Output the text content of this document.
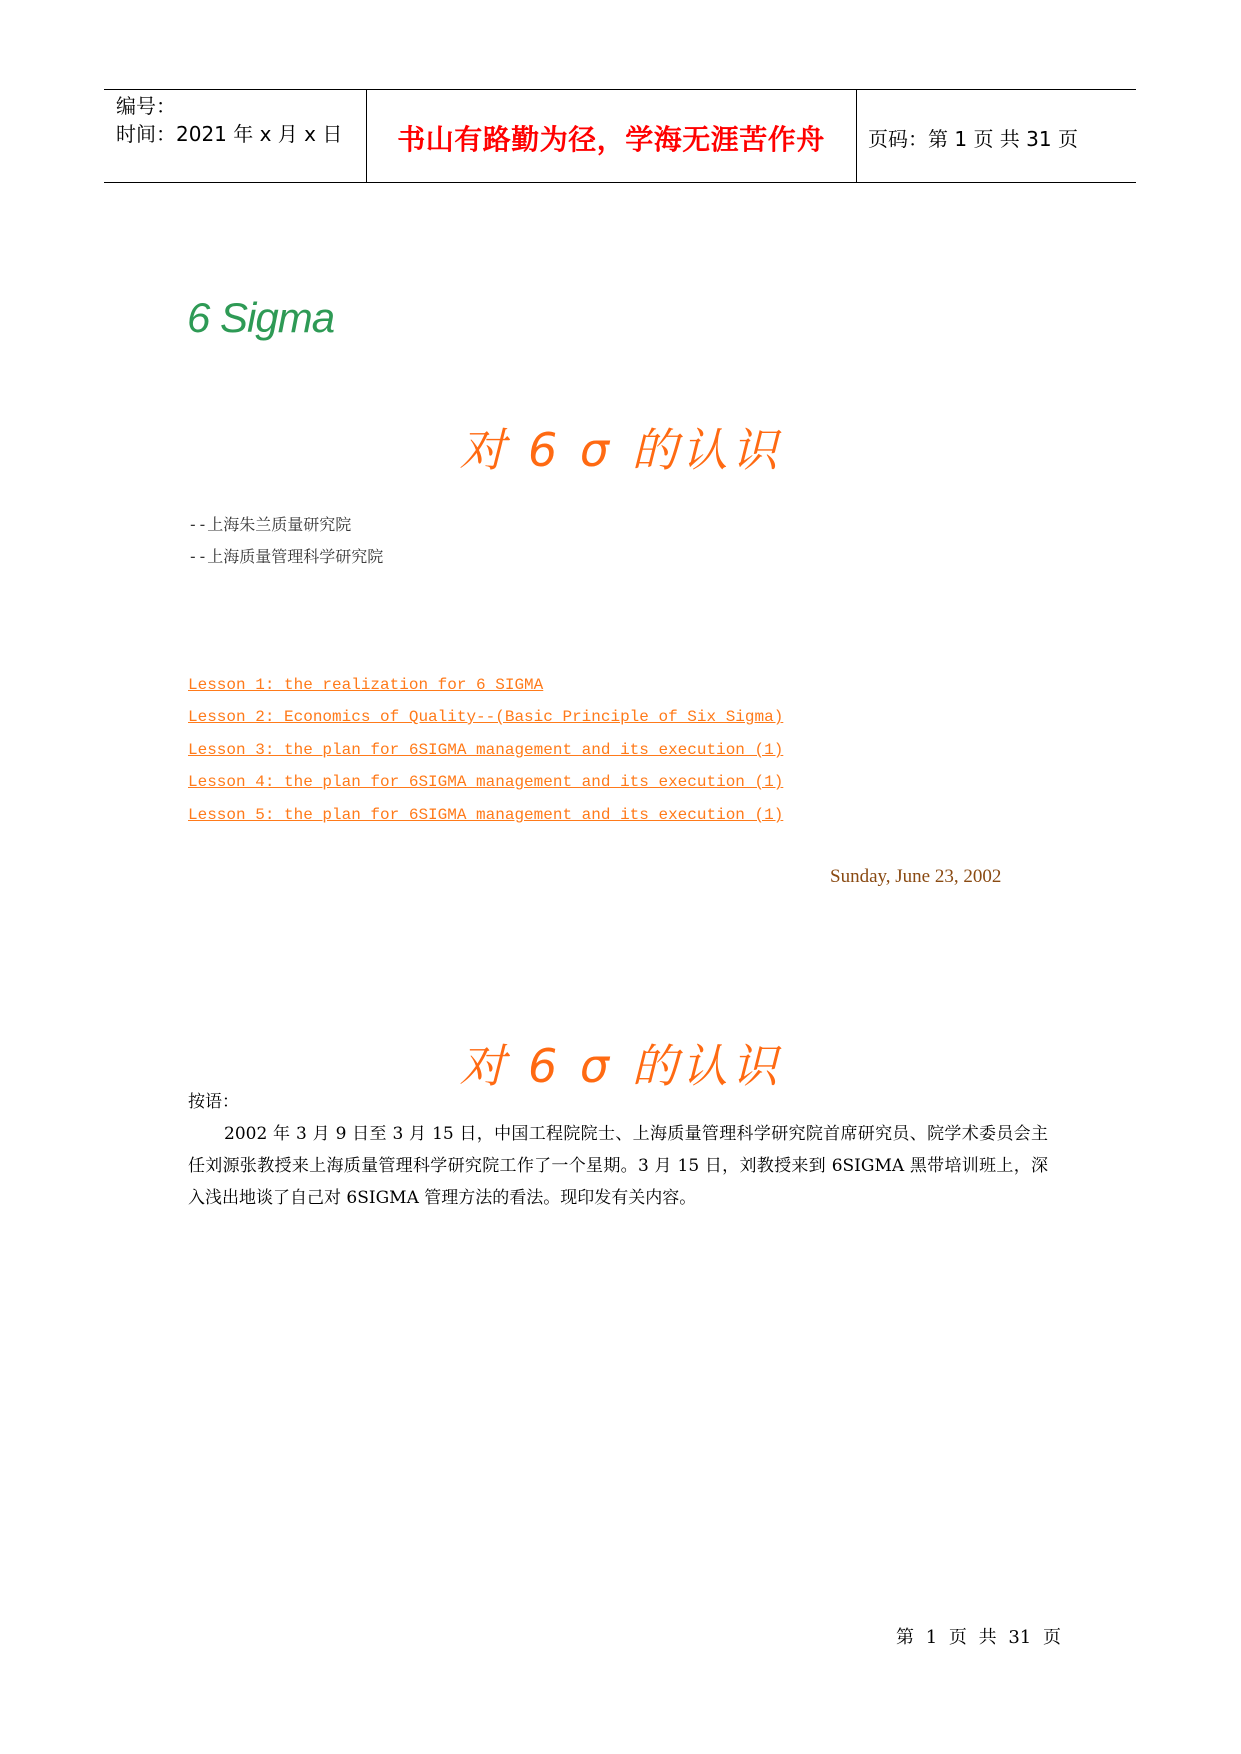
编号：
时间：2021 年 x 月 x 日	书山有路勤为径，学海无涯苦作舟	页码：第 1 页 共 31 页
6 Sigma
对 6 σ 的认识
--上海朱兰质量研究院
--上海质量管理科学研究院
Lesson 1: the realization for 6 SIGMA
Lesson 2: Economics of Quality--(Basic Principle of Six Sigma)
Lesson 3: the plan for 6SIGMA management and its execution (1)
Lesson 4: the plan for 6SIGMA management and its execution (1)
Lesson 5: the plan for 6SIGMA management and its execution (1)
Sunday, June 23, 2002
对 6 σ 的认识
按语：
2002 年 3 月 9 日至 3 月 15 日，中国工程院院士、上海质量管理科学研究院首席研究员、院学术委员会主任刘源张教授来上海质量管理科学研究院工作了一个星期。3 月 15 日，刘教授来到 6SIGMA 黑带培训班上，深入浅出地谈了自己对 6SIGMA 管理方法的看法。现印发有关内容。
第 1 页 共 31 页
